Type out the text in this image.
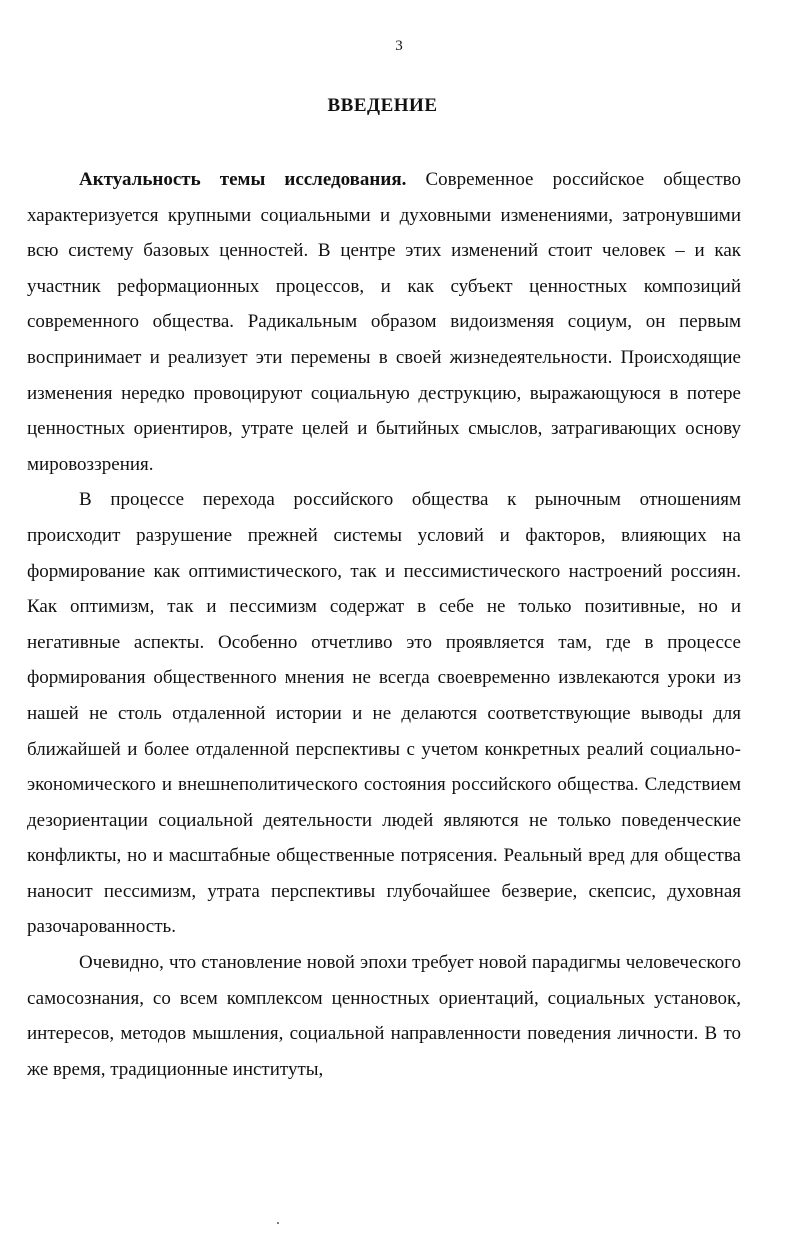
3
ВВЕДЕНИЕ

Актуальность темы исследования. Современное российское общество характеризуется крупными социальными и духовными изменениями, затронувшими всю систему базовых ценностей. В центре этих изменений стоит человек – и как участник реформационных процессов, и как субъект ценностных композиций современного общества. Радикальным образом видоизменяя социум, он первым воспринимает и реализует эти перемены в своей жизнедеятельности. Происходящие изменения нередко провоцируют социальную деструкцию, выражающуюся в потере ценностных ориентиров, утрате целей и бытийных смыслов, затрагивающих основу мировоззрения.

В процессе перехода российского общества к рыночным отношениям происходит разрушение прежней системы условий и факторов, влияющих на формирование как оптимистического, так и пессимистического настроений россиян. Как оптимизм, так и пессимизм содержат в себе не только позитивные, но и негативные аспекты. Особенно отчетливо это проявляется там, где в процессе формирования общественного мнения не всегда своевременно извлекаются уроки из нашей не столь отдаленной истории и не делаются соответствующие выводы для ближайшей и более отдаленной перспективы с учетом конкретных реалий социально-экономического и внешнеполитического состояния российского общества. Следствием дезориентации социальной деятельности людей являются не только поведенческие конфликты, но и масштабные общественные потрясения. Реальный вред для общества наносит пессимизм, утрата перспективы глубочайшее безверие, скепсис, духовная разочарованность.

Очевидно, что становление новой эпохи требует новой парадигмы человеческого самосознания, со всем комплексом ценностных ориентаций, социальных установок, интересов, методов мышления, социальной направленности поведения личности. В то же время, традиционные институты,
